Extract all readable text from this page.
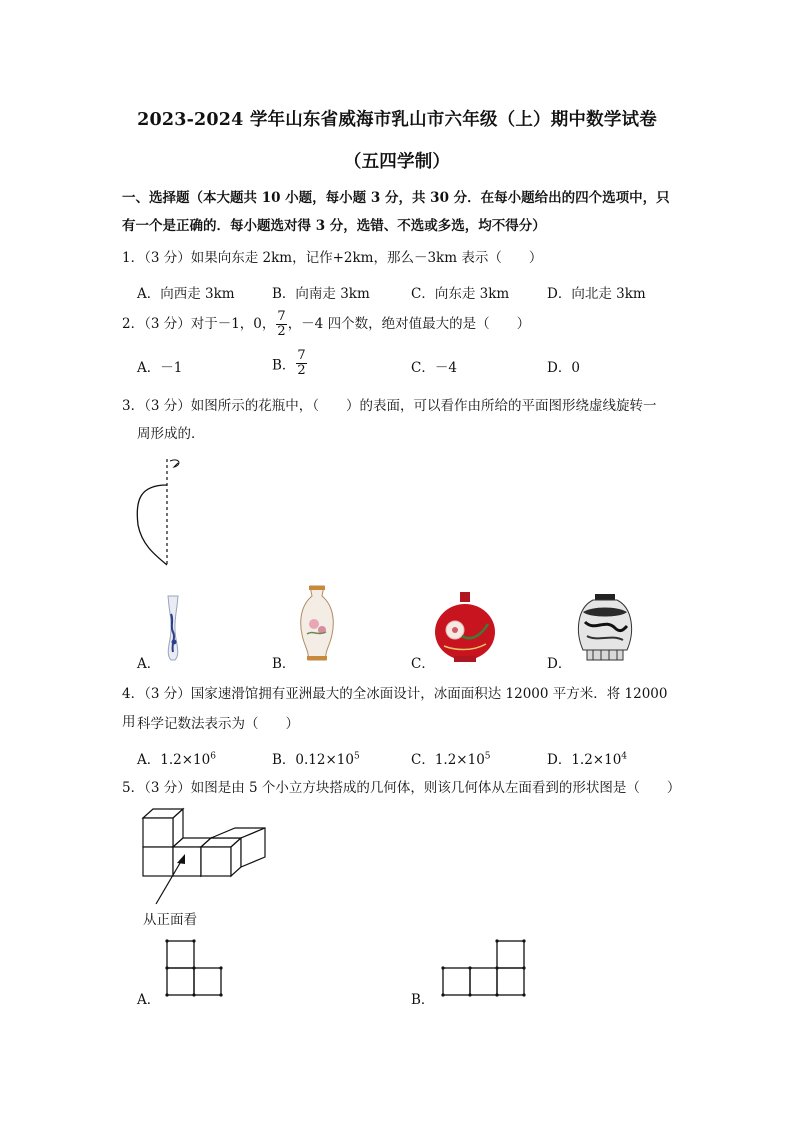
2023-2024 学年山东省威海市乳山市六年级（上）期中数学试卷
（五四学制）
一、选择题（本大题共 10 小题，每小题 3 分，共 30 分．在每小题给出的四个选项中，只
有一个是正确的．每小题选对得 3 分，选错、不选或多选，均不得分）
1．（3 分）如果向东走 2km，记作+2km，那么－3km 表示（　　）
A．向西走 3km	B．向南走 3km	C．向东走 3km	D．向北走 3km
2．（3 分）对于－1，0， $\frac{7}{2}$ ，－4 四个数，绝对值最大的是（　　）
A．－1	B． $\frac{7}{2}$	C．－4	D．0
3．（3 分）如图所示的花瓶中，（　　）的表面，可以看作由所给的平面图形绕虚线旋转一
周形成的．
A．	B．	C．	D．
4．（3 分）国家速滑馆拥有亚洲最大的全冰面设计，冰面面积达 12000 平方米．将 12000 用 科学记数法表示为（　　）
A．$1.2\times 10^6$	B．$0.12\times 10^5$	C．$1.2\times 10^5$	D．$1.2\times 10^4$
5．（3 分）如图是由 5 个小立方块搭成的几何体，则该几何体从左面看到的形状图是（　　）
从正面看
A．	B．
